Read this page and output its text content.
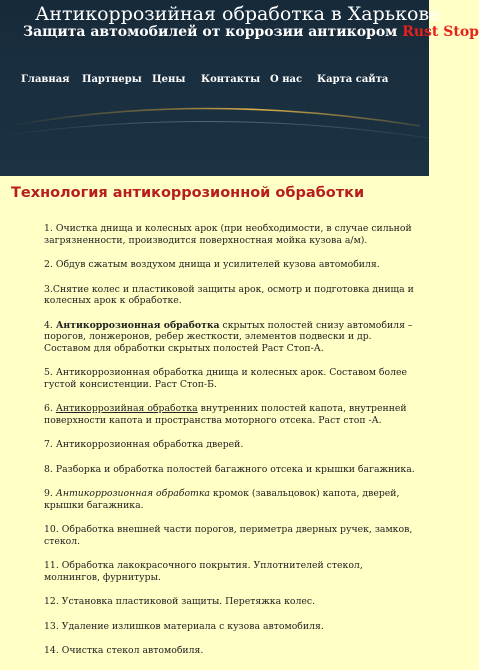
Антикоррозийная обработка в Харькове
Защита автомобилей от коррозии антикором Rust Stop
Главная Партнеры Цены Контакты О нас Карта сайта
Технология антикоррозионной обработки
1. Очистка днища и колесных арок (при необходимости, в случае сильной загрязненности, производится поверхностная мойка кузова а/м).
2. Обдув сжатым воздухом днища и усилителей кузова автомобиля.
3.Снятие колес и пластиковой защиты арок, осмотр и подготовка днища и колесных арок к обработке.
4. Антикоррозионная обработка скрытых полостей снизу автомобиля – порогов, лонжеронов, ребер жесткости, элементов подвески и др. Составом для обработки скрытых полостей Раст Стоп-А.
5. Антикоррозионная обработка днища и колесных арок. Составом более густой консистенции. Раст Стоп-Б.
6. Антикоррозийная обработка внутренних полостей капота, внутренней поверхности капота и пространства моторного отсека. Раст стоп -А.
7. Антикоррозионная обработка дверей.
8. Разборка и обработка полостей багажного отсека и крышки багажника.
9. Антикоррозионная обработка кромок (завальцовок) капота, дверей, крышки багажника.
10. Обработка внешней части порогов, периметра дверных ручек, замков, стекол.
11. Обработка лакокрасочного покрытия. Уплотнителей стекол, молнингов, фурнитуры.
12. Установка пластиковой защиты. Перетяжка колес.
13. Удаление излишков материала с кузова автомобиля.
14. Очистка стекол автомобиля.
